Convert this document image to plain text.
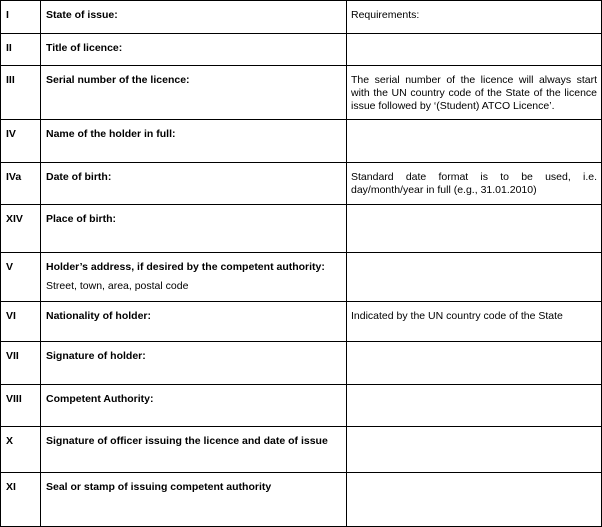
I	State of issue:	Requirements:
II	Title of licence:	

III	Serial number of the licence:	The serial number of the licence will always start with the UN country code of the State of the licence issue followed by ‘(Student) ATCO Licence’.
IV	Name of the holder in full:	

IVa	Date of birth:	Standard date format is to be used, i.e. day/month/year in full (e.g., 31.01.2010)
XIV	Place of birth:	

V	Holder’s address, if desired by the competent authority:
Street, town, area, postal code	

VI	Nationality of holder:	Indicated by the UN country code of the State
VII	Signature of holder:	

VIII	Competent Authority:	

X	Signature of officer issuing the licence and date of issue	

XI	Seal or stamp of issuing competent authority	
